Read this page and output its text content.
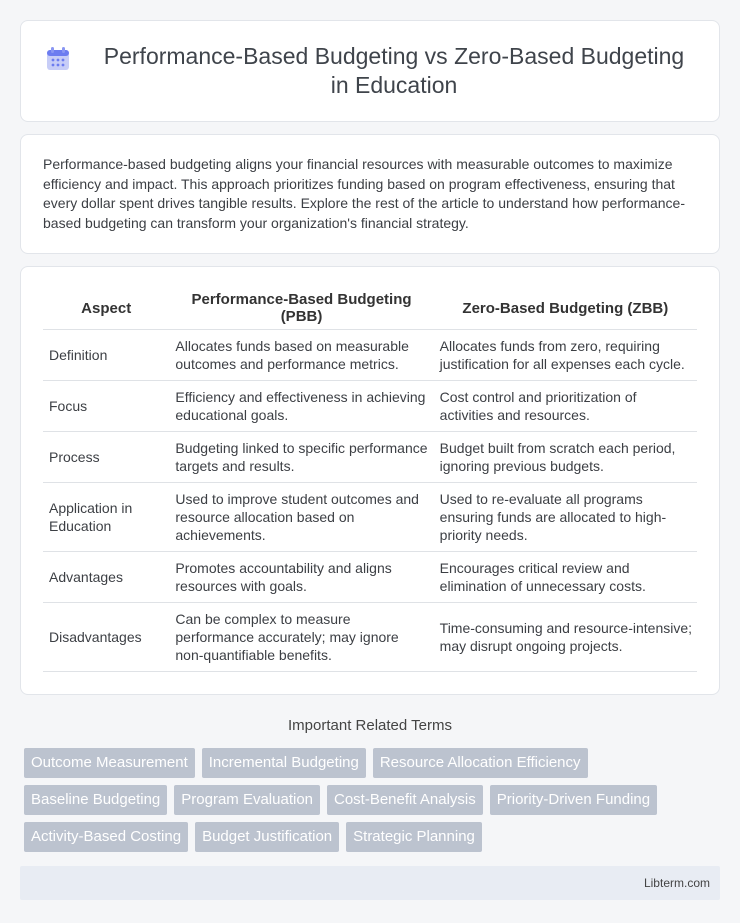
Performance-Based Budgeting vs Zero-Based Budgeting in Education

Performance-based budgeting aligns your financial resources with measurable outcomes to maximize efficiency and impact. This approach prioritizes funding based on program effectiveness, ensuring that every dollar spent drives tangible results. Explore the rest of the article to understand how performance-based budgeting can transform your organization's financial strategy.

Aspect	Performance-Based Budgeting (PBB)	Zero-Based Budgeting (ZBB)
Definition	Allocates funds based on measurable outcomes and performance metrics.	Allocates funds from zero, requiring justification for all expenses each cycle.
Focus	Efficiency and effectiveness in achieving educational goals.	Cost control and prioritization of activities and resources.
Process	Budgeting linked to specific performance targets and results.	Budget built from scratch each period, ignoring previous budgets.
Application in Education	Used to improve student outcomes and resource allocation based on achievements.	Used to re-evaluate all programs ensuring funds are allocated to high-priority needs.
Advantages	Promotes accountability and aligns resources with goals.	Encourages critical review and elimination of unnecessary costs.
Disadvantages	Can be complex to measure performance accurately; may ignore non-quantifiable benefits.	Time-consuming and resource-intensive; may disrupt ongoing projects.
Important Related Terms
Outcome Measurement	Incremental Budgeting	Resource Allocation Efficiency
Baseline Budgeting	Program Evaluation	Cost-Benefit Analysis	Priority-Driven Funding
Activity-Based Costing	Budget Justification	Strategic Planning
Libterm.com
